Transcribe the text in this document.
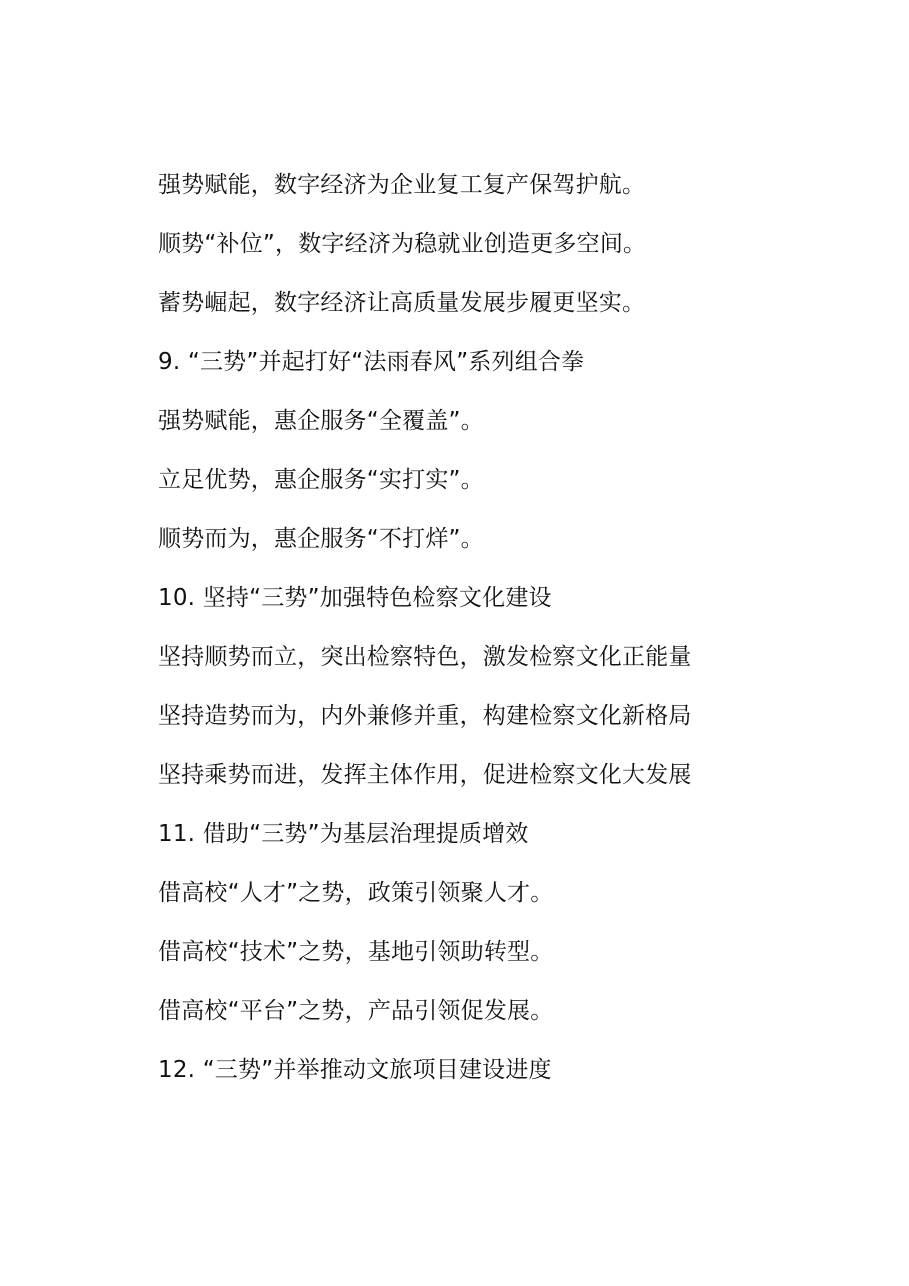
强势赋能，数字经济为企业复工复产保驾护航。
顺势“补位”，数字经济为稳就业创造更多空间。
蓄势崛起，数字经济让高质量发展步履更坚实。
9. “三势”并起打好“法雨春风”系列组合拳
强势赋能，惠企服务“全覆盖”。
立足优势，惠企服务“实打实”。
顺势而为，惠企服务“不打烊”。
10. 坚持“三势”加强特色检察文化建设
坚持顺势而立，突出检察特色，激发检察文化正能量
坚持造势而为，内外兼修并重，构建检察文化新格局
坚持乘势而进，发挥主体作用，促进检察文化大发展
11. 借助“三势”为基层治理提质增效
借高校“人才”之势，政策引领聚人才。
借高校“技术”之势，基地引领助转型。
借高校“平台”之势，产品引领促发展。
12. “三势”并举推动文旅项目建设进度
